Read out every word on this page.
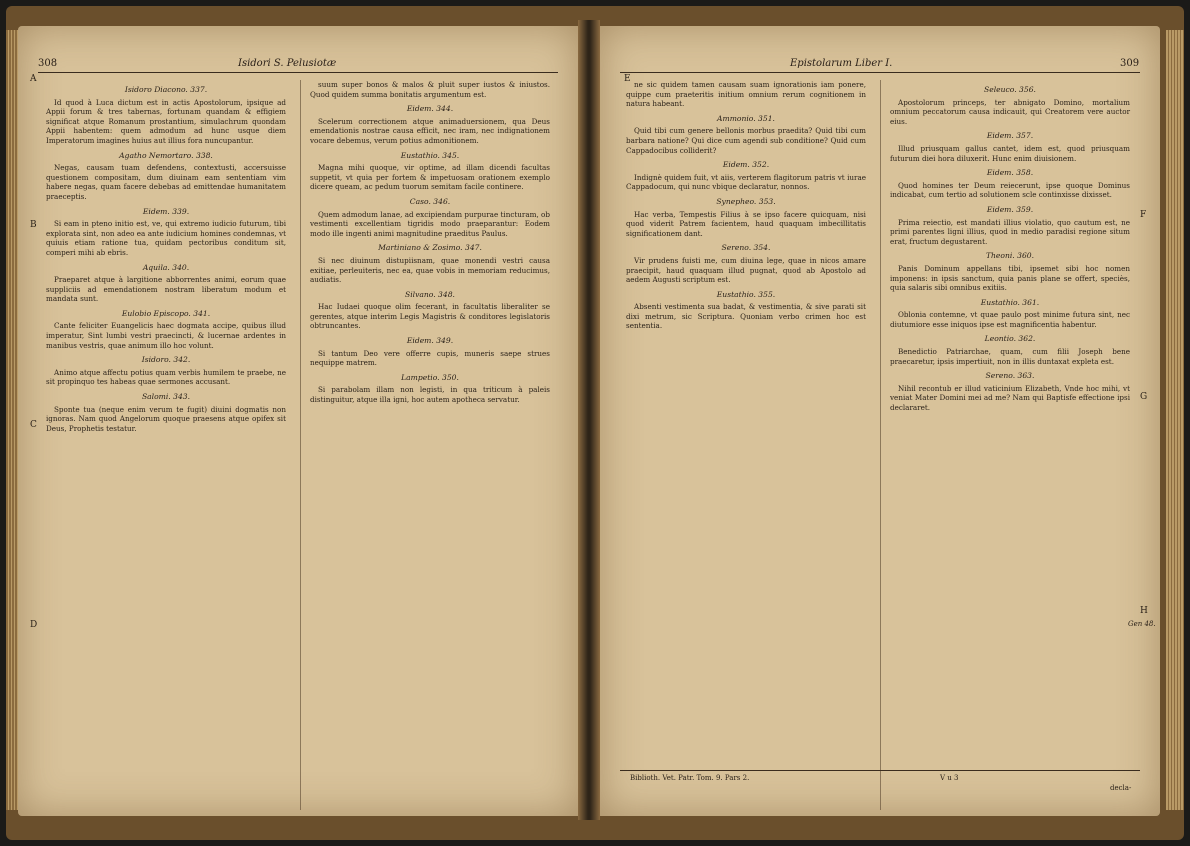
308	Isidori S. Pelusiotæ
Isidoro Diacono. 337.

Id quod à Luca dictum est in actis Apostolorum, ipsique ad Appii forum & tres tabernas, fortunam quandam & effigiem significat atque Romanum prostantium, simulachrum quondam Appii habentem: quem admodum ad hunc usque diem Imperatorum imagines huius aut illius fora nuncupantur.

Agatho Nemortaro. 338.

Negas, causam tuam defendens, contextusti, accersuisse questionem compositam, dum diuinam eam sententiam vim habere negas, quam facere debebas ad emittendae humanitatem praeceptis.

Eidem. 339.

Si eam in pteno initio est, ve, qui extremo iudicio futurum, tibi explorata sint, non adeo ea ante iudicium homines condemnas, vt quiuis etiam ratione tua, quidam pectoribus conditum sit, comperi mihi ab ebris.

Aquila. 340.

Praeparet atque à largitione abborrentes animi, eorum quae suppliciis ad emendationem nostram liberatum modum et mandata sunt.

Eulobio Episcopo. 341.

Cante feliciter Euangelicis haec dogmata accipe, quibus illud imperatur, Sint lumbi vestri praecincti, & lucernae ardentes in manibus vestris, quae animum illo hoc volunt.

Isidoro. 342.

Animo atque affectu potius quam verbis humilem te praebe, ne sit propinquo tes habeas quae sermones accusant.

Salomi. 343.

Sponte tua (neque enim verum te fugit) diuini dogmatis non ignoras. Nam quod Angelorum quoque praesens atque opifex sit Deus, Prophetis testatur.

suum super bonos & malos & pluit super iustos & iniustos. Quod quidem summa bonitatis argumentum est.

Eidem. 344.

Scelerum correctionem atque animaduersionem, qua Deus emendationis nostrae causa efficit, nec iram, nec indignationem vocare debemus, verum potius admonitionem.

Eustathio. 345.

Magna mihi quoque, vir optime, ad illam dicendi facultas suppetit, vt quia per fortem & impetuosam orationem exemplo dicere queam, ac pedum tuorum semitam facile continere.

Caso. 346.

Quem admodum lanae, ad excipiendam purpurae tincturam, ob vestimenti excellentiam tigridis modo praeparantur: Eodem modo ille ingenti animi magnitudine praeditus Paulus.

Martiniano & Zosimo. 347.

Si nec diuinum distupiisnam, quae monendi vestri causa exitiae, perleuiteris, nec ea, quae vobis in memoriam reducimus, audiatis.

Silvano. 348.

Hac Iudaei quoque olim fecerant, in facultatis liberaliter se gerentes, atque interim Legis Magistris & conditores legislatoris obtruncantes.

Eidem. 349.

Si tantum Deo vere offerre cupis, muneris saepe strues nequippe matrem.

Lampetio. 350.

Si parabolam illam non legisti, in qua triticum à paleis distinguitur, atque illa igni, hoc autem apotheca servatur.

A
B
C
D
Epistolarum Liber I.	309

ne sic quidem tamen causam suam ignorationis iam ponere, quippe cum praeteritis initium omnium rerum cognitionem in natura habeant.

Ammonio. 351.

Quid tibi cum genere bellonis morbus praedita? Quid tibi cum barbara natione? Qui dice cum agendi sub conditione? Quid cum Cappadocibus colliderit?

Eidem. 352.

Indignè quidem fuit, vt aiis, verterem flagitorum patris vt iurae Cappadocum, qui nunc vbique declaratur, nonnos.

Synepheo. 353.

Hac verba, Tempestis Filius à se ipso facere quicquam, nisi quod viderit Patrem facientem, haud quaquam imbecillitatis significationem dant.

Sereno. 354.

Vir prudens fuisti me, cum diuina lege, quae in nicos amare praecipit, haud quaquam illud pugnat, quod ab Apostolo ad aedem Augusti scriptum est.

Eustathio. 355.

Absenti vestimenta sua badat, & vestimentia, & sive parati sit dixi metrum, sic Scriptura. Quoniam verbo crimen hoc est sententia.

Seleuco. 356.

Apostolorum princeps, ter abnigato Domino, mortalium omnium peccatorum causa indicauit, qui Creatorem vere auctor eius.

Eidem. 357.

Illud priusquam gallus cantet, idem est, quod priusquam futurum diei hora diluxerit. Hunc enim diuisionem.

Eidem. 358.

Quod homines ter Deum reiecerunt, ipse quoque Dominus indicabat, cum tertio ad solutionem scle continxisse dixisset.

Eidem. 359.

Prima reiectio, est mandati illius violatio, quo cautum est, ne primi parentes ligni illius, quod in medio paradisi regione situm erat, fructum degustarent.

Theoni. 360.

Panis Dominum appellans tibi, ipsemet sibi hoc nomen imponens: in ipsis sanctum, quia panis plane se offert, speciès, quia salaris sibi omnibus exitiis.

Eustathio. 361.

Oblonia contemne, vt quae paulo post minime futura sint, nec diutumiore esse iniquos ipse est magnificentia habentur.

Leontio. 362.

Benedictio Patriarchae, quam, cum filii Joseph bene praecaretur, ipsis impertiuit, non in illis duntaxat expleta est.

Sereno. 363.

Nihil recontub er illud vaticinium Elizabeth, Vnde hoc mihi, vt veniat Mater Domini mei ad me? Nam qui Baptisfe effectione ipsi declararet.

Biblioth. Vet. Patr. Tom. 9. Pars 2.	V u 3
decla-
E
F
G
H
Gen 48.
